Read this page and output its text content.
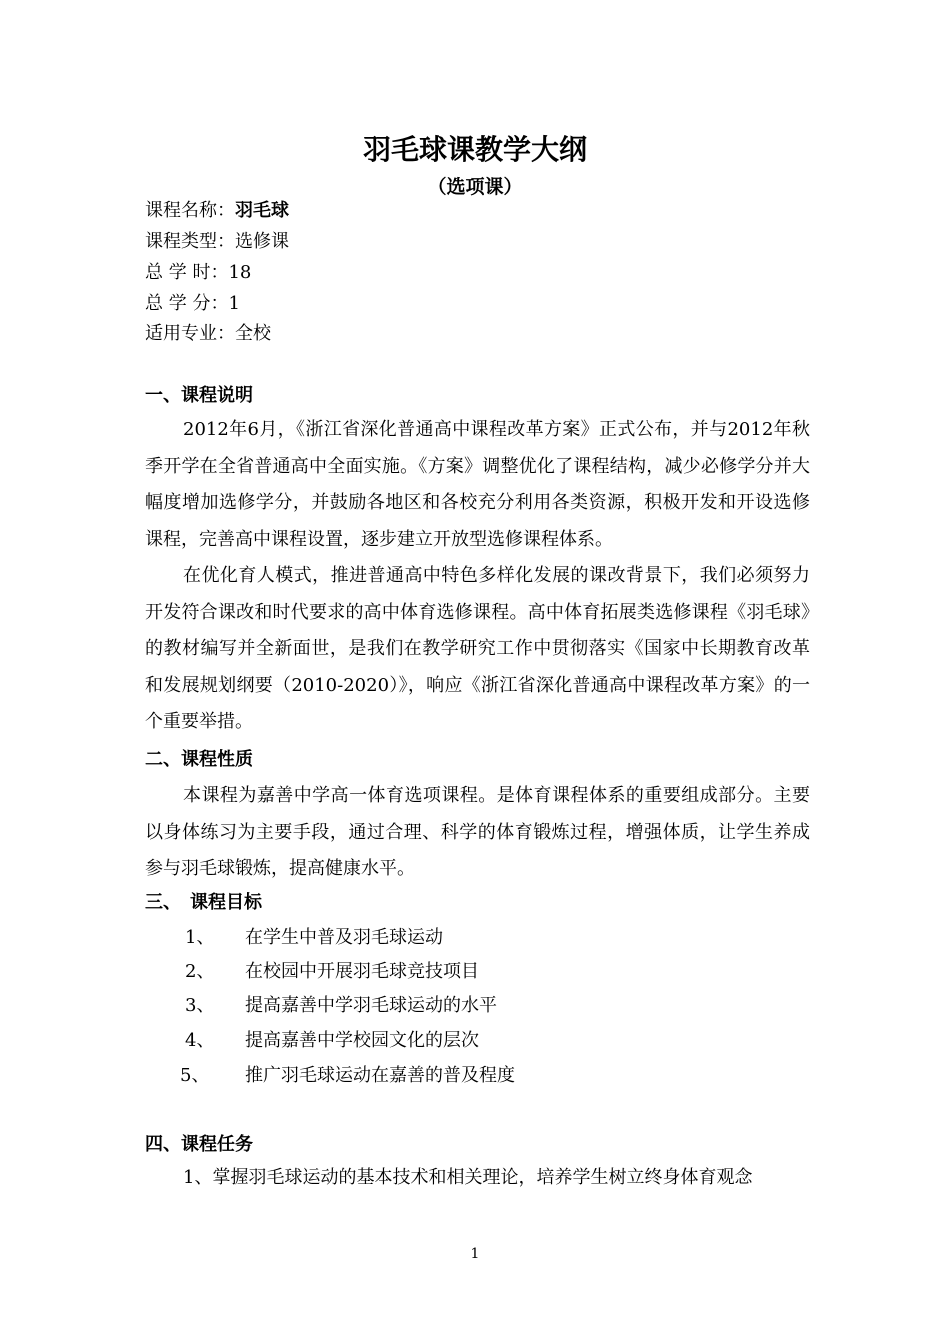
羽毛球课教学大纲
（选项课）
课程名称：羽毛球
课程类型：选修课
总 学 时：18
总 学 分：1
适用专业：全校
一、课程说明

2012年6月，《浙江省深化普通高中课程改革方案》正式公布，并与2012年秋季开学在全省普通高中全面实施。《方案》调整优化了课程结构，减少必修学分并大幅度增加选修学分，并鼓励各地区和各校充分利用各类资源，积极开发和开设选修课程，完善高中课程设置，逐步建立开放型选修课程体系。

在优化育人模式，推进普通高中特色多样化发展的课改背景下，我们必须努力开发符合课改和时代要求的高中体育选修课程。高中体育拓展类选修课程《羽毛球》的教材编写并全新面世，是我们在教学研究工作中贯彻落实《国家中长期教育改革和发展规划纲要（2010-2020）》，响应《浙江省深化普通高中课程改革方案》的一个重要举措。

二、课程性质

本课程为嘉善中学高一体育选项课程。是体育课程体系的重要组成部分。主要以身体练习为主要手段，通过合理、科学的体育锻炼过程，增强体质，让学生养成参与羽毛球锻炼，提高健康水平。

三、　课程目标
1、 在学生中普及羽毛球运动
2、 在校园中开展羽毛球竞技项目
3、 提高嘉善中学羽毛球运动的水平
4、 提高嘉善中学校园文化的层次
5、 推广羽毛球运动在嘉善的普及程度
四、课程任务

1、掌握羽毛球运动的基本技术和相关理论，培养学生树立终身体育观念

1
